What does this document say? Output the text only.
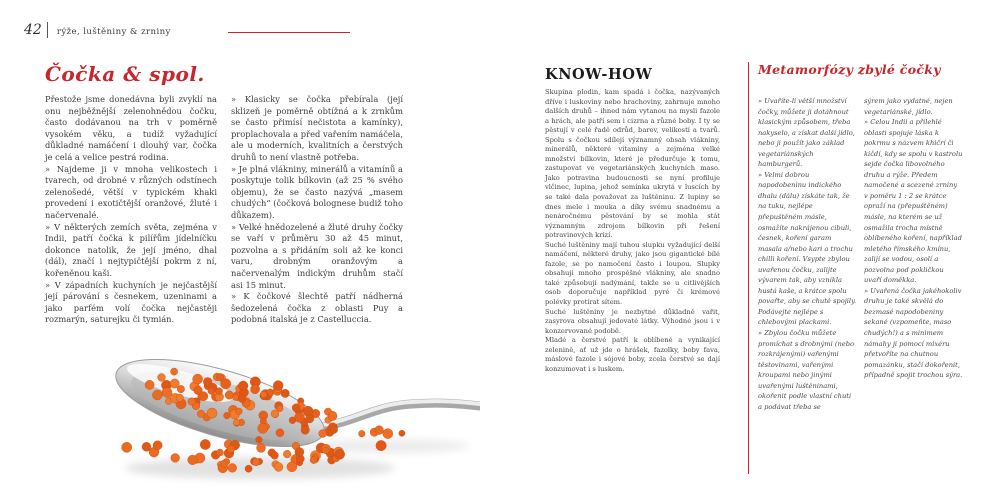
42	rýže, luštěniny & zrniny
Čočka & spol.

Přestože jsme donedávna byli zvyklí na onu nejběžnější zelenohnědou čočku, často dodávanou na trh v poměrně vysokém věku, a tudíž vyžadující důkladné namáčení i dlouhý var, čočka je celá a velice pestrá rodina.

» Najdeme ji v mnoha velikostech i tvarech, od drobné v různých odstínech zelenošedé, větší v typickém khaki provedení i exotičtější oranžové, žluté i načervenalé.

» V některých zemích světa, zejména v Indii, patří čočka k pilířům jídelníčku dokonce natolik, že její jméno, dhal (dál), značí i nejtypičtější pokrm z ní, kořeněnou kaši.

» V západních kuchyních je nejčastější její párování s česnekem, uzeninami a jako parfém volí čočka nejčastěji rozmarýn, saturejku či tymián.

» Klasicky se čočka přebírala (její sklizeň je poměrně obtížná a k zrnkům se často přimísí nečistota a kamínky), proplachovala a před vařením namáčela, ale u moderních, kvalitních a čerstvých druhů to není vlastně potřeba.

» Je plná vlákniny, minerálů a vitamínů a poskytuje tolik bílkovin (až 25 % svého objemu), že se často nazývá „masem chudých“ (čočková bolognese budiž toho důkazem).

» Velké hnědozelené a žluté druhy čočky se vaří v průměru 30 až 45 minut, pozvolna a s přidáním soli až ke konci varu, drobným oranžovým a načervenalým indickým druhům stačí asi 15 minut.

» K čočkové šlechtě patří nádherná šedozelená čočka z oblasti Puy a podobná italská je z Castelluccia.

KNOW-HOW

Skupina plodin, kam spadá i čočka, nazývaných dříve i luskoviny nebo hrachoviny, zahrnuje mnoho dalších druhů – ihned nám vytanou na mysli fazole a hrách, ale patří sem i cizrna a různé boby. I ty se pěstují v celé řadě odrůd, barev, velikostí a tvarů. Spolu s čočkou sdílejí významný obsah vlákniny, minerálů, některé vitaminy a zejména velké množství bílkovin, které je předurčuje k tomu, zastupovat ve vegetariánských kuchyních maso. Jako potravina budoucnosti se nyní profiluje vlčinec, lupina, jehož semínka ukrytá v luscích by se také dala považovat za luštěninu. Z lupiny se dnes mele i mouka a díky svému snadnému a nenáročnému pěstování by se mohla stát významným zdrojem bílkovin při řešení potravinových krizí.

Suché luštěniny mají tuhou slupku vyžadující delší namáčení, některé druhy, jako jsou gigantické bílé fazole, se po namočení často i loupou. Slupky obsahují mnoho prospěšné vlákniny, ale snadno také způsobují nadýmání, takže se u citlivějších osob doporučuje například pyré či krémové polévky protírat sítem.

Suché luštěniny je nezbytné důkladně vařit, zasyrova obsahují jedovaté látky. Výhodné jsou i v konzervované podobě.

Mladé a čerstvé patří k oblíbené a vynikající zelenině, ať už jde o hrášek, fazolky, boby fava, máslové fazole i sójové boby, zcela čerstvé se dají konzumovat i s luskem.

Metamorfózy zbylé čočky

» Uvaříte-li větší množství čočky, můžete ji dotáhnout klasickým způsobem, třeba nakyselo, a získat další jídlo, nebo ji použít jako základ vegetariánských hamburgerů.

» Velmi dobrou napodobeninu indického dhalu (dálu) získáte tak, že na tuku, nejlépe přepuštěném másle, osmažíte nakrájenou cibuli, česnek, koření garam masala a/nebo kari a trochu chilli koření. Vsypte zbylou uvařenou čočku, zalijte vývarem tak, aby vznikla hustá kaše, a krátce spolu povařte, aby se chutě spojily. Podávejte nejlépe s chlebovými plackami.

» Zbylou čočku můžete promíchat s drobnými (nebo rozkrájenými) vařenými těstovinami, vařenými kroupami nebo jinými uvařenými luštěninami, okořenit podle vlastní chuti a podávat třeba se

sýrem jako vydatné, nejen vegetariánské, jídlo.

» Celou Indii a přilehlé oblasti spojuje láska k pokrmu s názvem khičrí či kičdí, kdy se spolu v kastrolu sejde čočka libovolného druhu a rýže. Předem namočené a scezené zrniny v poměru 1 : 2 se krátce opraží na (přepuštěném) másle, na kterém se už osmažila trocha místně oblíbeného koření, například mletého římského kmínu, zalijí se vodou, osolí a pozvolna pod pokličkou uvaří doměkka.

» Uvařená čočka jakéhokoliv druhu je také skvělá do bezmasé napodobeniny sekané (vzpomeňte, maso chudých!) a s minimem námahy ji pomocí mixéru přetvoříte na chutnou pomazánku, stačí dokořenit, případně spojit trochou sýra.
